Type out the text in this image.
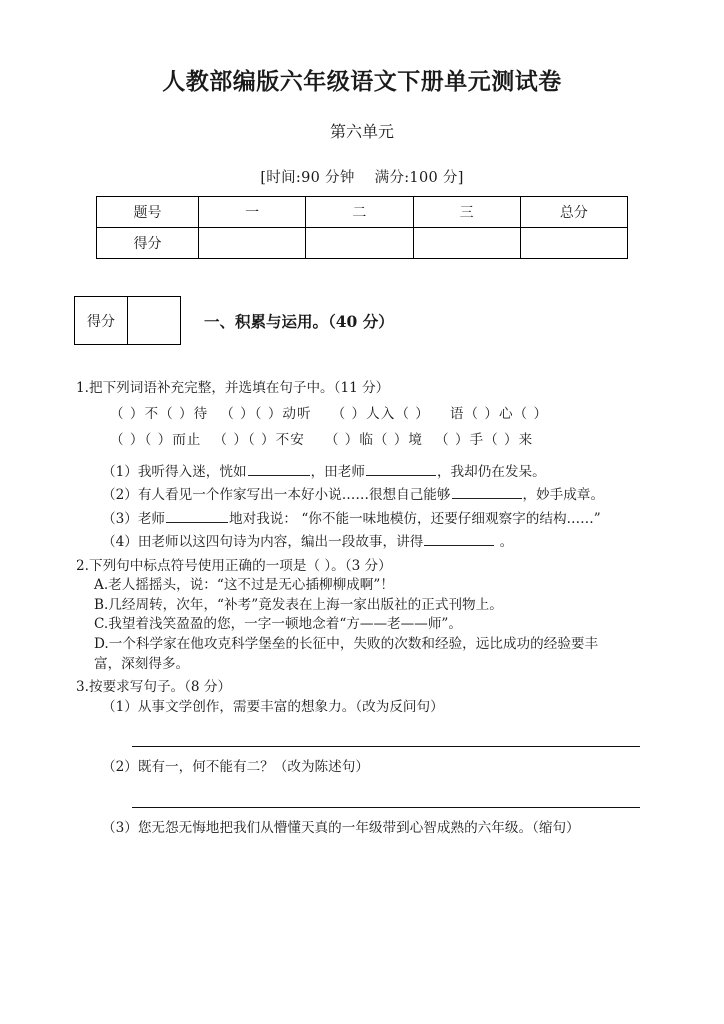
人教部编版六年级语文下册单元测试卷
第六单元

[时间:90 分钟 满分:100 分]

题号	一	二	三	总分
得分				
得分	一、积累与运用。（40 分）
1.把下列词语补充完整，并选填在句子中。（11 分）
（ ）不（ ）待 （ ）（ ）动听 （ ）人入（ ） 语（ ）心（ ）
（ ）（ ）而止 （ ）（ ）不安 （ ）临（ ）境 （ ）手（ ）来
（1）我听得入迷，恍如	，田老师	，我却仍在发呆。
（2）有人看见一个作家写出一本好小说……很想自己能够	，妙手成章。
（3）老师	地对我说： “你不能一味地模仿，还要仔细观察字的结构……”
（4）田老师以这四句诗为内容，编出一段故事，讲得	。
2.下列句中标点符号使用正确的一项是（ ）。（3 分）
A.老人摇摇头，说：“这不过是无心插柳柳成啊”！
B.几经周转，次年，“补考”竟发表在上海一家出版社的正式刊物上。
C.我望着浅笑盈盈的您，一字一顿地念着“方——老——师”。
D.一个科学家在他攻克科学堡垒的长征中，失败的次数和经验，远比成功的经验要丰
富，深刻得多。
3.按要求写句子。（8 分）
（1）从事文学创作，需要丰富的想象力。（改为反问句）
（2）既有一，何不能有二？（改为陈述句）
（3）您无怨无悔地把我们从懵懂天真的一年级带到心智成熟的六年级。（缩句）
